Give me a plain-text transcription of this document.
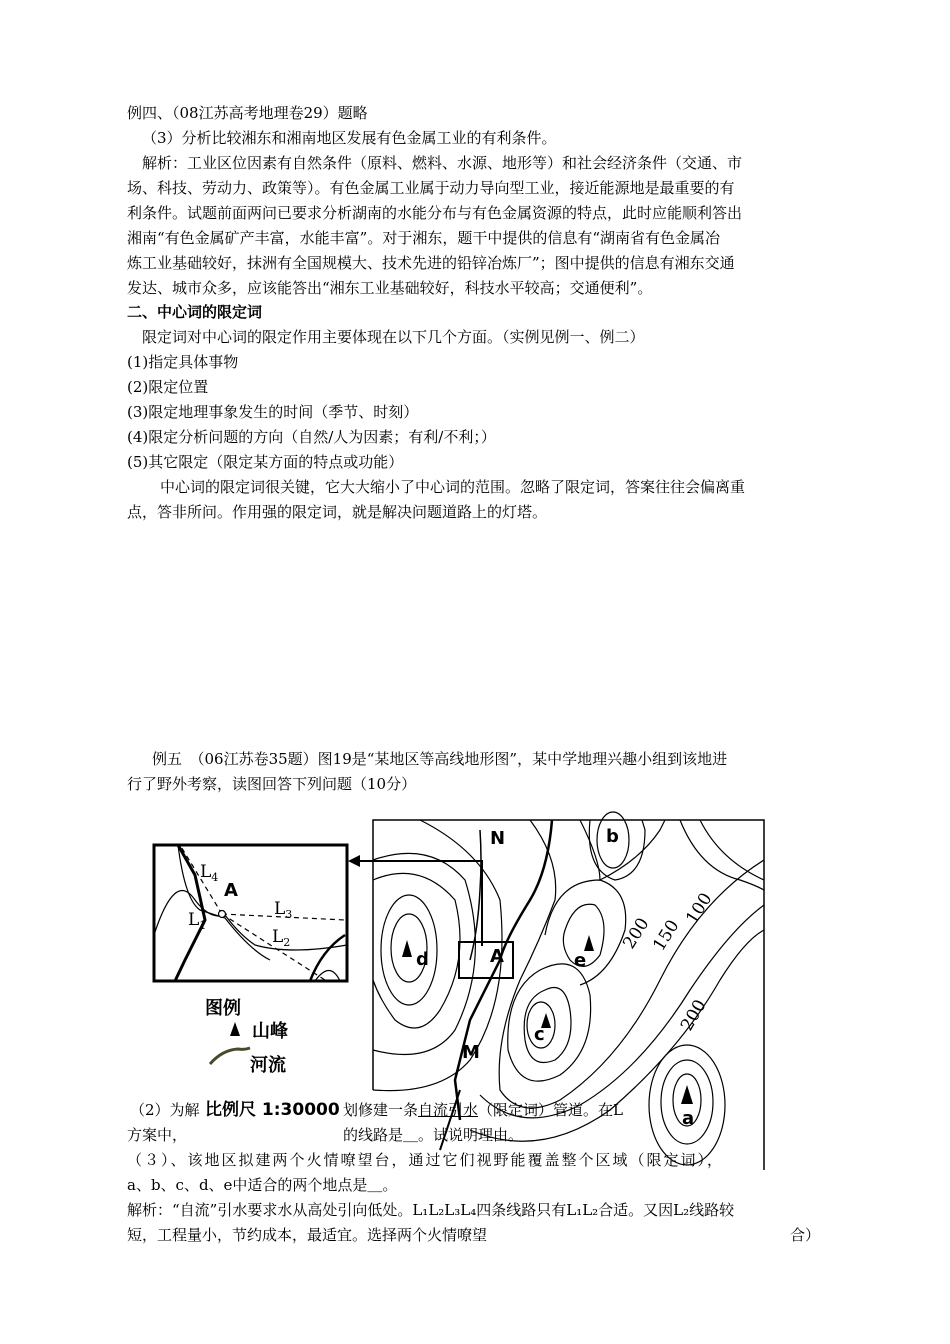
例四、（08江苏高考地理卷29）题略
（3）分析比较湘东和湘南地区发展有色金属工业的有利条件。
解析：工业区位因素有自然条件（原料、燃料、水源、地形等）和社会经济条件（交通、市
场、科技、劳动力、政策等）。有色金属工业属于动力导向型工业，接近能源地是最重要的有
利条件。试题前面两问已要求分析湖南的水能分布与有色金属资源的特点，此时应能顺利答出
湘南“有色金属矿产丰富，水能丰富”。对于湘东，题干中提供的信息有“湖南省有色金属冶
炼工业基础较好，抹洲有全国规模大、技术先进的铅锌冶炼厂”；图中提供的信息有湘东交通
发达、城市众多，应该能答出“湘东工业基础较好，科技水平较高；交通便利”。
二、中心词的限定词
限定词对中心词的限定作用主要体现在以下几个方面。（实例见例一、例二）
(1)指定具体事物
(2)限定位置
(3)限定地理事象发生的时间（季节、时刻）
(4)限定分析问题的方向（自然/人为因素；有利/不利；）
(5)其它限定（限定某方面的特点或功能）
中心词的限定词很关键，它大大缩小了中心词的范围。忽略了限定词，答案往往会偏离重
点，答非所问。作用强的限定词，就是解决问题道路上的灯塔。
例五　（06江苏卷35题）图19是“某地区等高线地形图”，某中学地理兴趣小组到该地进
行了野外考察，读图回答下列问题（10分）
$L_4$
A
$L_3$
$L_1$
$L_2$
图例
山峰
河流
N	b
d	A	e
c
M
a
200
150
100
200
（2）为解 比例尺 1:30000 划修建一条自流引水（限定词）管道。在L
方案中，	的线路是＿。试说明理由。
（３）、该地区拟建两个火情嘹望台，通过它们视野能覆盖整个区域（限定词），
a、b、c、d、e中适合的两个地点是＿。
解析：“自流”引水要求水从高处引向低处。L₁L₂L₃L₄四条线路只有L₁L₂合适。又因L₂线路较
短，工程量小，节约成本，最适宜。选择两个火情嘹望	合）
